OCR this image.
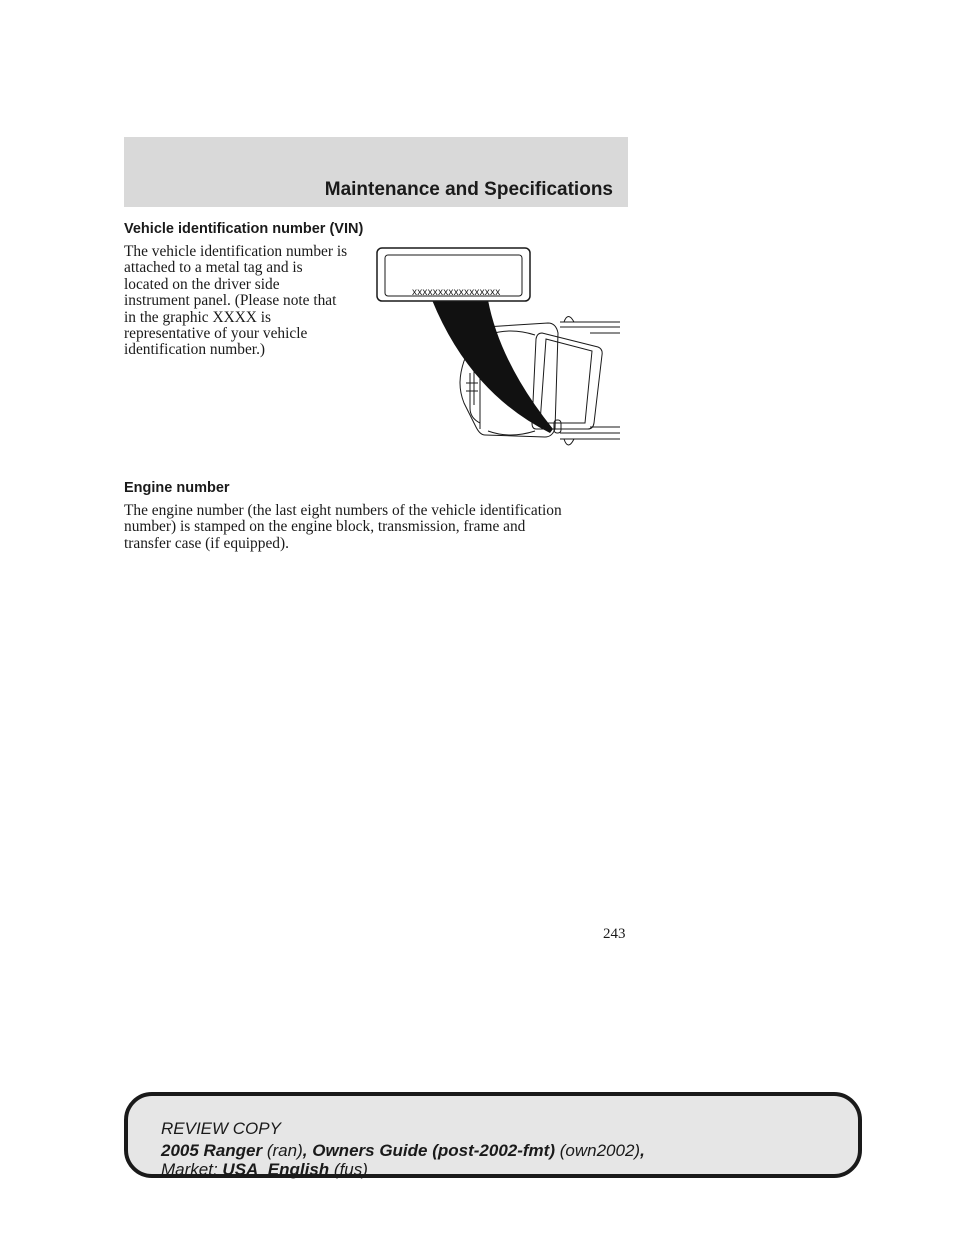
Maintenance and Specifications
Vehicle identification number (VIN)
The vehicle identification number is
attached to a metal tag and is
located on the driver side
instrument panel. (Please note that
in the graphic XXXX is
representative of your vehicle
identification number.)
xxxxxxxxxxxxxxxxx
Engine number
The engine number (the last eight numbers of the vehicle identification
number) is stamped on the engine block, transmission, frame and
transfer case (if equipped).
243
REVIEW COPY
2005 Ranger (ran), Owners Guide (post-2002-fmt) (own2002),
Market: USA_English (fus)
